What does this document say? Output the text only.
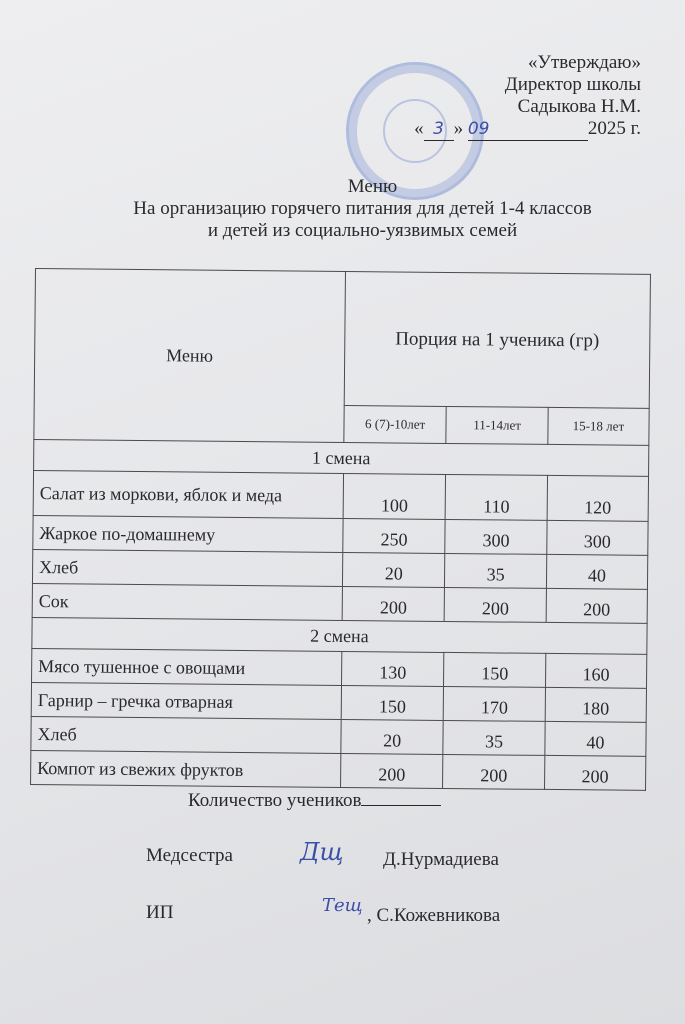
«Утверждаю»
Директор школы
Садыкова Н.М.
« 3 » 09	2025 г.
Меню
На организацию горячего питания для детей 1-4 классов
и детей из социально-уязвимых семей
Меню	Порция на 1 ученика (гр)		
	6 (7)-10лет	11-14лет	15-18 лет
1 смена			
Салат из моркови, яблок и меда	100	110	120
Жаркое по-домашнему	250	300	300
Хлеб	20	35	40
Сок	200	200	200
2 смена			
Мясо тушенное с овощами	130	150	160
Гарнир – гречка отварная	150	170	180
Хлеб	20	35	40
Компот из свежих фруктов	200	200	200
Количество учеников
Медсестра	Дщ Д.Нурмадиева
ИП	Тещ , С.Кожевникова
